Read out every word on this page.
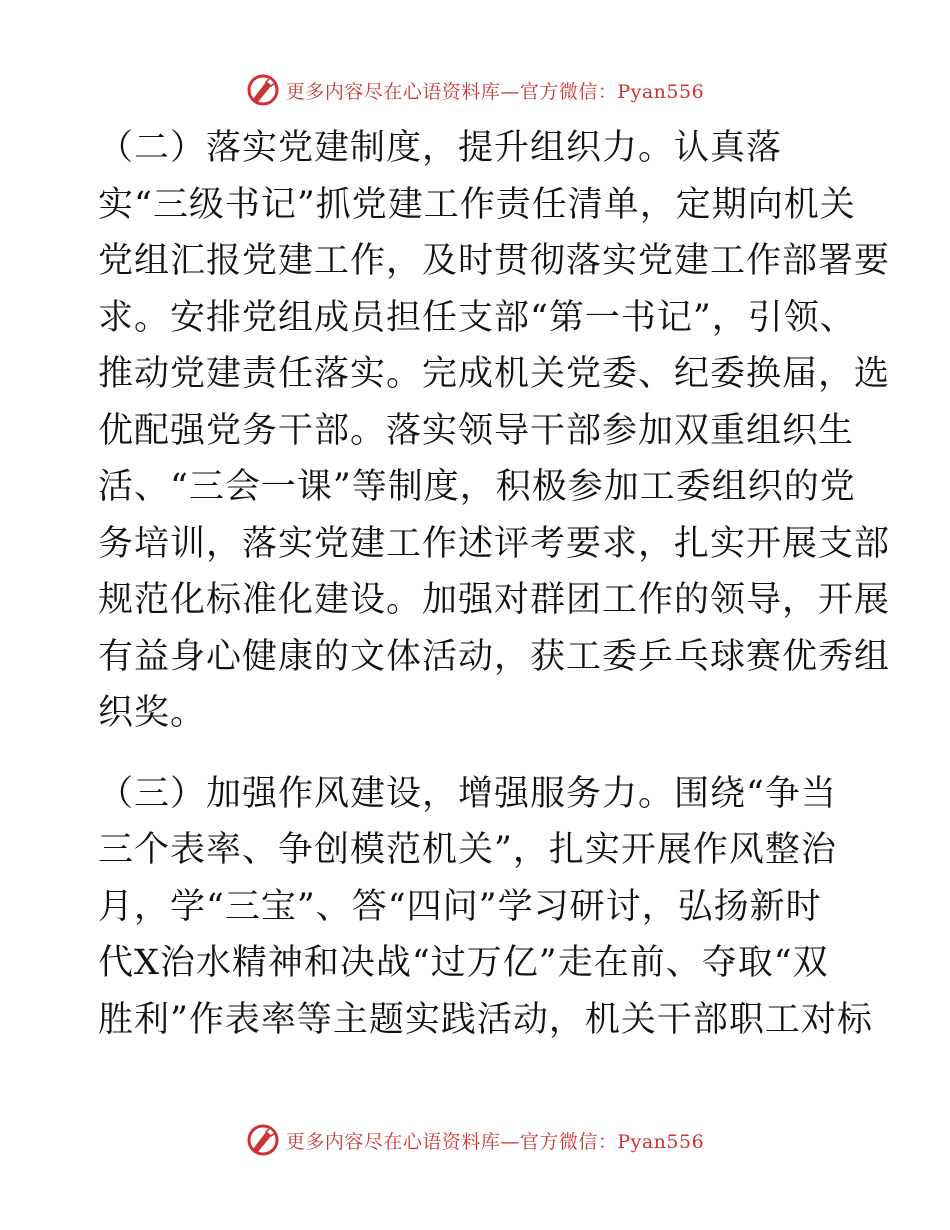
更多内容尽在心语资料库—官方微信：Pyan556

（二）落实党建制度，提升组织力。认真落
实“三级书记”抓党建工作责任清单，定期向机关
党组汇报党建工作，及时贯彻落实党建工作部署要
求。安排党组成员担任支部“第一书记”，引领、
推动党建责任落实。完成机关党委、纪委换届，选
优配强党务干部。落实领导干部参加双重组织生
活、“三会一课”等制度，积极参加工委组织的党
务培训，落实党建工作述评考要求，扎实开展支部
规范化标准化建设。加强对群团工作的领导，开展
有益身心健康的文体活动，获工委乒乓球赛优秀组
织奖。

（三）加强作风建设，增强服务力。围绕“争当
三个表率、争创模范机关”，扎实开展作风整治
月，学“三宝”、答“四问”学习研讨，弘扬新时
代X治水精神和决战“过万亿”走在前、夺取“双
胜利”作表率等主题实践活动，机关干部职工对标

更多内容尽在心语资料库—官方微信：Pyan556
